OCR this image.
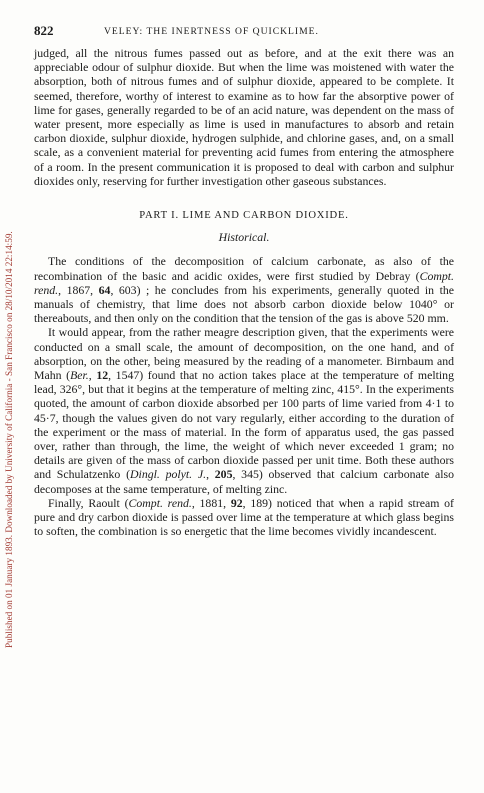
Published on 01 January 1893. Downloaded by University of California - San Francisco on 28/10/2014 22:14:59.
822	VELEY: THE INERTNESS OF QUICKLIME.

judged, all the nitrous fumes passed out as before, and at the exit there was an appreciable odour of sulphur dioxide. But when the lime was moistened with water the absorption, both of nitrous fumes and of sulphur dioxide, appeared to be complete. It seemed, therefore, worthy of interest to examine as to how far the absorptive power of lime for gases, generally regarded to be of an acid nature, was dependent on the mass of water present, more especially as lime is used in manufactures to absorb and retain carbon dioxide, sulphur dioxide, hydrogen sulphide, and chlorine gases, and, on a small scale, as a convenient material for preventing acid fumes from entering the atmosphere of a room. In the present communication it is proposed to deal with carbon and sulphur dioxides only, reserving for further investigation other gaseous substances.

PART I. LIME AND CARBON DIOXIDE.
Historical.

The conditions of the decomposition of calcium carbonate, as also of the recombination of the basic and acidic oxides, were first studied by Debray (Compt. rend., 1867, 64, 603) ; he concludes from his experiments, generally quoted in the manuals of chemistry, that lime does not absorb carbon dioxide below 1040° or thereabouts, and then only on the condition that the tension of the gas is above 520 mm.

It would appear, from the rather meagre description given, that the experiments were conducted on a small scale, the amount of decomposition, on the one hand, and of absorption, on the other, being measured by the reading of a manometer. Birnbaum and Mahn (Ber., 12, 1547) found that no action takes place at the temperature of melting lead, 326°, but that it begins at the temperature of melting zinc, 415°. In the experiments quoted, the amount of carbon dioxide absorbed per 100 parts of lime varied from 4·1 to 45·7, though the values given do not vary regularly, either according to the duration of the experiment or the mass of material. In the form of apparatus used, the gas passed over, rather than through, the lime, the weight of which never exceeded 1 gram; no details are given of the mass of carbon dioxide passed per unit time. Both these authors and Schulatzenko (Dingl. polyt. J., 205, 345) observed that calcium carbonate also decomposes at the same temperature, of melting zinc.

Finally, Raoult (Compt. rend., 1881, 92, 189) noticed that when a rapid stream of pure and dry carbon dioxide is passed over lime at the temperature at which glass begins to soften, the combination is so energetic that the lime becomes vividly incandescent.
